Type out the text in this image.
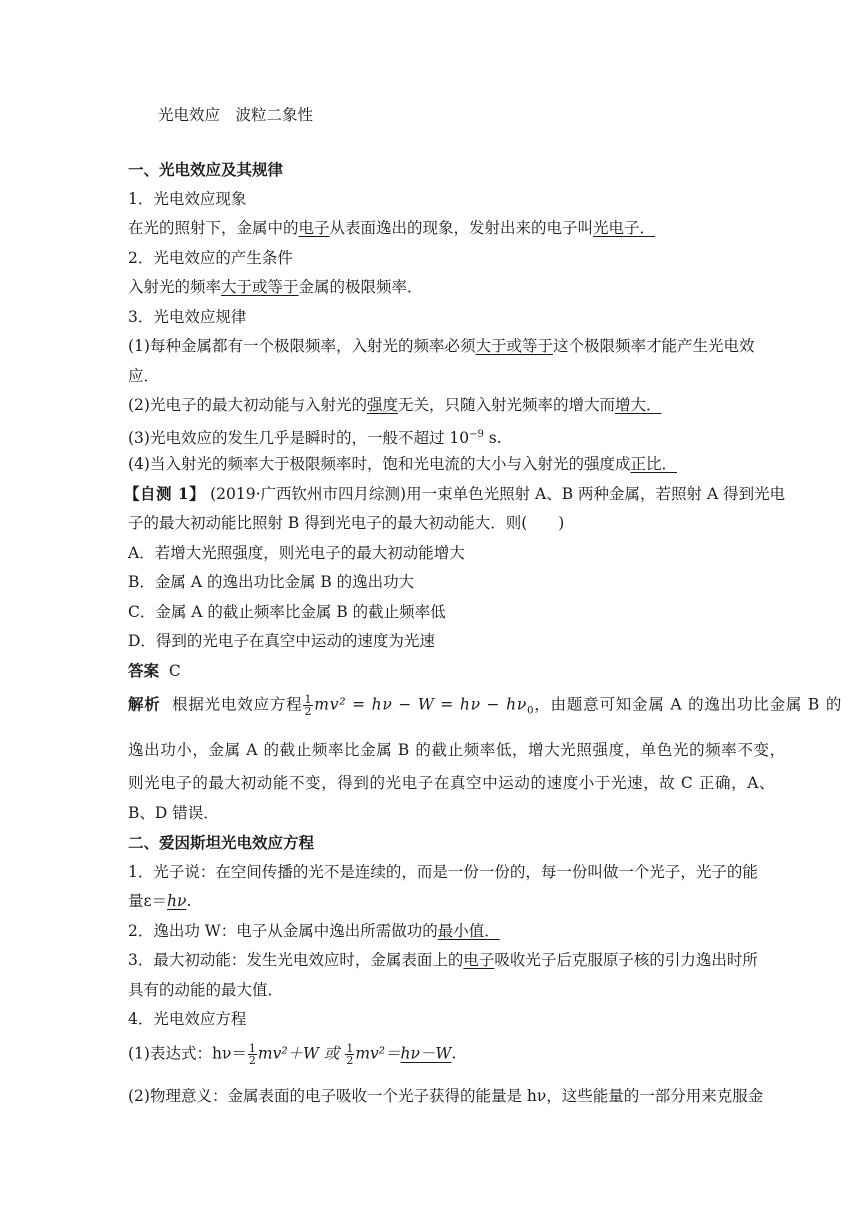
光电效应　波粒二象性
一、光电效应及其规律
1．光电效应现象
在光的照射下，金属中的电子从表面逸出的现象，发射出来的电子叫光电子．
2．光电效应的产生条件
入射光的频率大于或等于金属的极限频率．
3．光电效应规律
(1)每种金属都有一个极限频率，入射光的频率必须大于或等于这个极限频率才能产生光电效
应．
(2)光电子的最大初动能与入射光的强度无关，只随入射光频率的增大而增大．
(3)光电效应的发生几乎是瞬时的，一般不超过 $10^{-9}$ s.
(4)当入射光的频率大于极限频率时，饱和光电流的大小与入射光的强度成正比．
【自测 1】 (2019·广西钦州市四月综测)用一束单色光照射 A、B 两种金属，若照射 A 得到光电
子的最大初动能比照射 B 得到光电子的最大初动能大．则(　　)
A．若增大光照强度，则光电子的最大初动能增大
B．金属 A 的逸出功比金属 B 的逸出功大
C．金属 A 的截止频率比金属 B 的截止频率低
D．得到的光电子在真空中运动的速度为光速
答案 C
解析 根据光电效应方程 $\frac{1}{2} mv^2 = h\nu - W = h\nu - h\nu_0$，由题意可知金属 A 的逸出功比金属 B 的
逸出功小，金属 A 的截止频率比金属 B 的截止频率低，增大光照强度，单色光的频率不变，
则光电子的最大初动能不变，得到的光电子在真空中运动的速度小于光速，故 C 正确，A、
B、D 错误．
二、爱因斯坦光电效应方程
1．光子说：在空间传播的光不是连续的，而是一份一份的，每一份叫做一个光子，光子的能
量ε＝hν.
2．逸出功 W：电子从金属中逸出所需做功的最小值．
3．最大初动能：发生光电效应时，金属表面上的电子吸收光子后克服原子核的引力逸出时所
具有的动能的最大值．
4．光电效应方程
(1)表达式：$h\nu= \frac{1}{2} mv^2+W$ 或 $\frac{1}{2} mv^2=h\nu-W$.
(2)物理意义：金属表面的电子吸收一个光子获得的能量是 hν，这些能量的一部分用来克服金
